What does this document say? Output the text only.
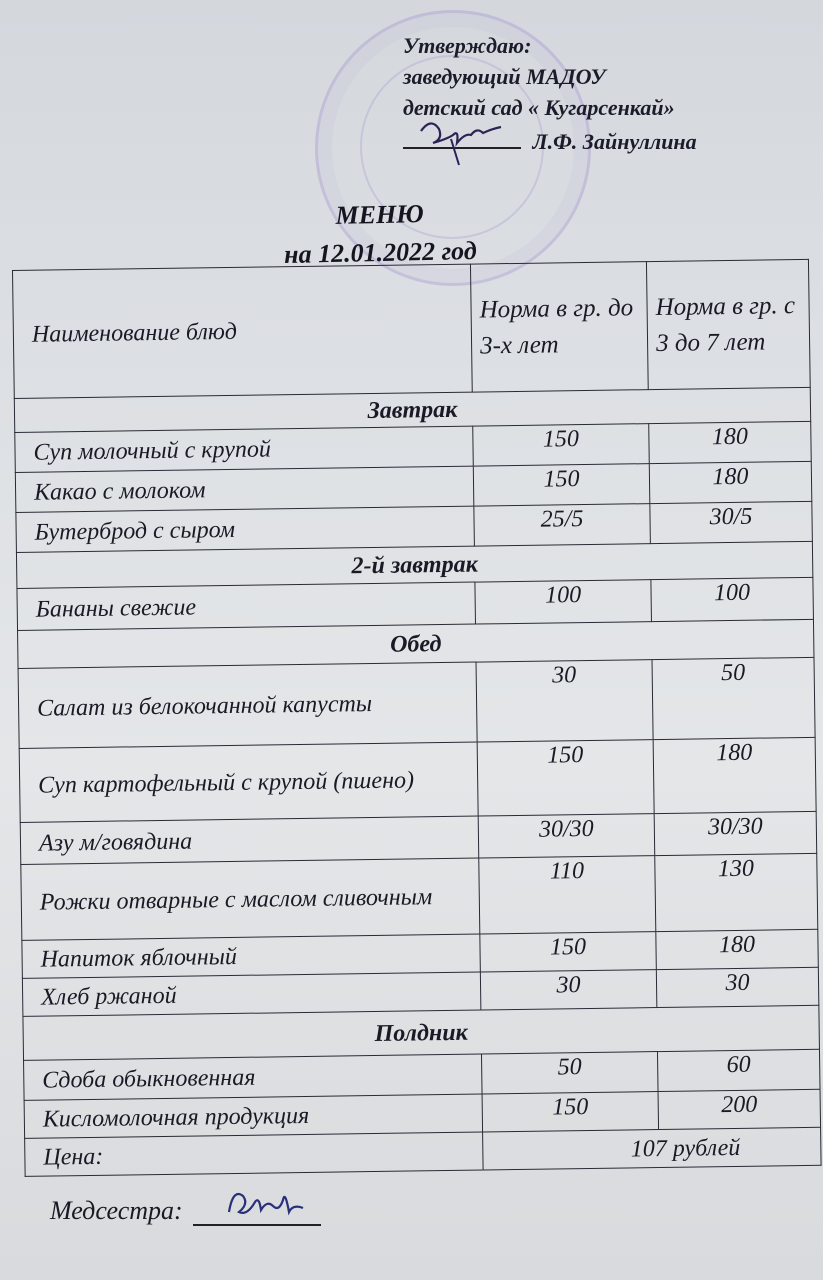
Утверждаю:
заведующий МАДОУ
детский сад « Кугарсенкай»
Л.Ф. Зайнуллина
МЕНЮ
на 12.01.2022 год
Наименование блюд	Норма в гр. до 3-х лет	Норма в гр. с 3 до 7 лет
Завтрак		
Суп молочный с крупой	150	180
Какао с молоком	150	180
Бутерброд с сыром	25/5	30/5
2-й завтрак		
Бананы свежие	100	100
Обед		
Салат из белокочанной капусты	30	50
Суп картофельный с крупой (пшено)	150	180
Азу м/говядина	30/30	30/30
Рожки отварные с маслом сливочным	110	130
Напиток яблочный	150	180
Хлеб ржаной	30	30
Полдник		
Сдоба обыкновенная	50	60
Кисломолочная продукция	150	200
Цена:	107 рублей	
Медсестра:
